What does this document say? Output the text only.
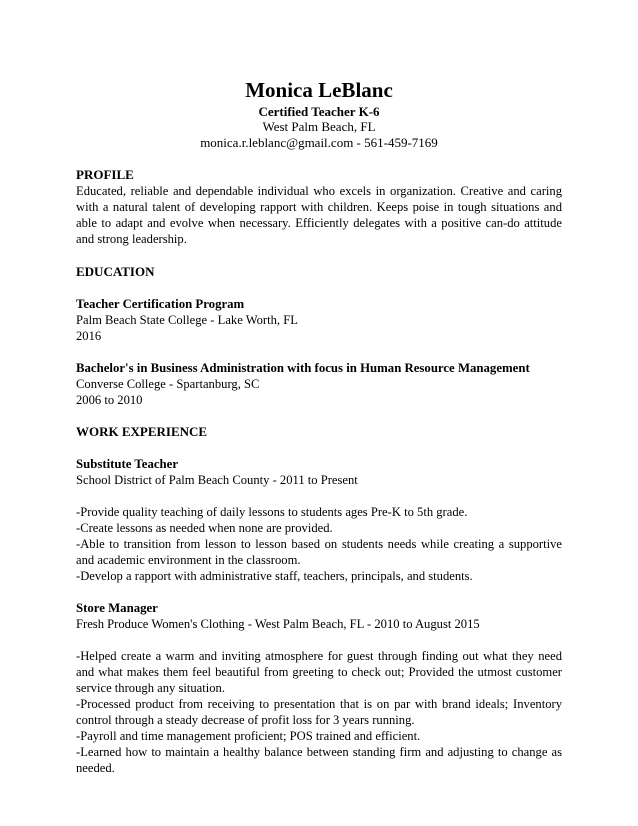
Monica LeBlanc
Certified Teacher K-6
West Palm Beach, FL
monica.r.leblanc@gmail.com - 561-459-7169
PROFILE

Educated, reliable and dependable individual who excels in organization. Creative and caring with a natural talent of developing rapport with children. Keeps poise in tough situations and able to adapt and evolve when necessary. Efficiently delegates with a positive can-do attitude and strong leadership.

EDUCATION
Teacher Certification Program
Palm Beach State College - Lake Worth, FL
2016
Bachelor's in Business Administration with focus in Human Resource Management
Converse College - Spartanburg, SC
2006 to 2010
WORK EXPERIENCE
Substitute Teacher
School District of Palm Beach County - 2011 to Present

-Provide quality teaching of daily lessons to students ages Pre-K to 5th grade.

-Create lessons as needed when none are provided.

-Able to transition from lesson to lesson based on students needs while creating a supportive and academic environment in the classroom.

-Develop a rapport with administrative staff, teachers, principals, and students.

Store Manager
Fresh Produce Women's Clothing - West Palm Beach, FL - 2010 to August 2015

-Helped create a warm and inviting atmosphere for guest through finding out what they need and what makes them feel beautiful from greeting to check out; Provided the utmost customer service through any situation.

-Processed product from receiving to presentation that is on par with brand ideals; Inventory control through a steady decrease of profit loss for 3 years running.

-Payroll and time management proficient; POS trained and efficient.

-Learned how to maintain a healthy balance between standing firm and adjusting to change as needed.
